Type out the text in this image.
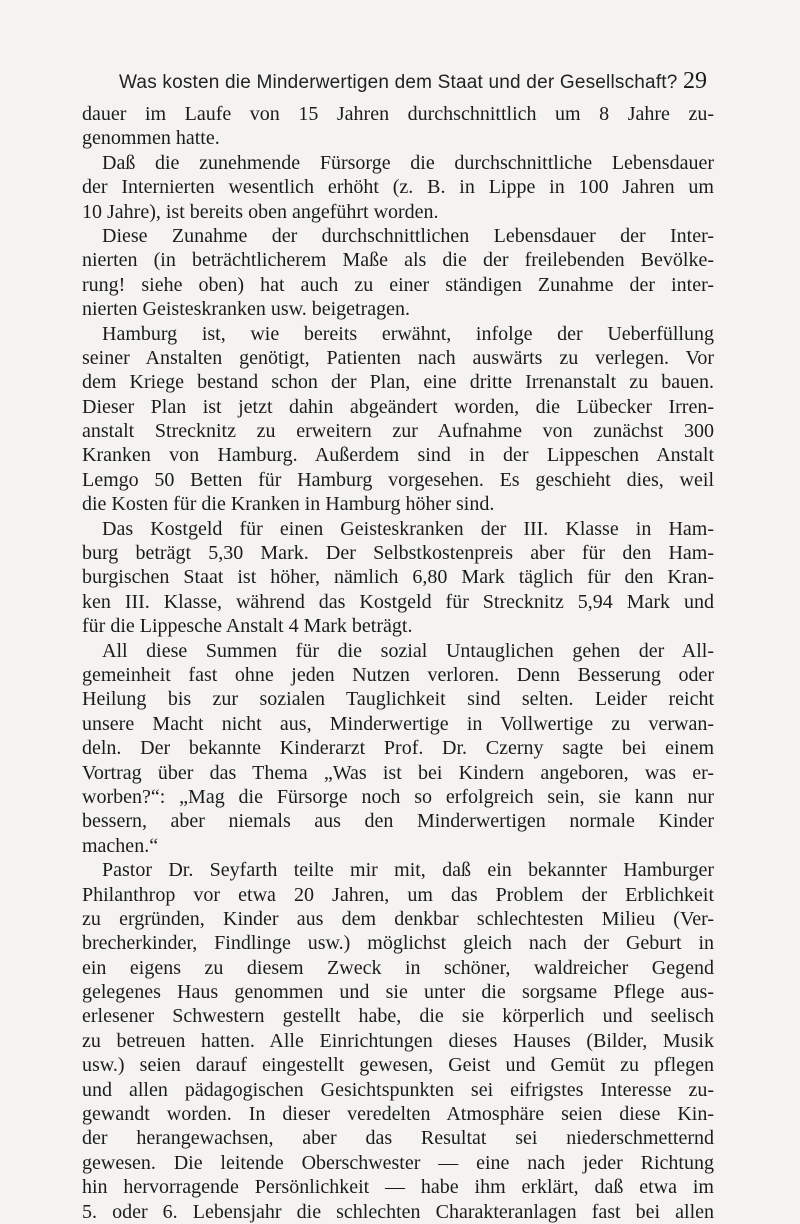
Was kosten die Minderwertigen dem Staat und der Gesellschaft? 29
dauer im Laufe von 15 Jahren durchschnittlich um 8 Jahre zu-
genommen hatte.
Daß die zunehmende Fürsorge die durchschnittliche Lebensdauer
der Internierten wesentlich erhöht (z. B. in Lippe in 100 Jahren um
10 Jahre), ist bereits oben angeführt worden.
Diese Zunahme der durchschnittlichen Lebensdauer der Inter-
nierten (in beträchtlicherem Maße als die der freilebenden Bevölke-
rung! siehe oben) hat auch zu einer ständigen Zunahme der inter-
nierten Geisteskranken usw. beigetragen.
Hamburg ist, wie bereits erwähnt, infolge der Ueberfüllung
seiner Anstalten genötigt, Patienten nach auswärts zu verlegen. Vor
dem Kriege bestand schon der Plan, eine dritte Irrenanstalt zu bauen.
Dieser Plan ist jetzt dahin abgeändert worden, die Lübecker Irren-
anstalt Strecknitz zu erweitern zur Aufnahme von zunächst 300
Kranken von Hamburg. Außerdem sind in der Lippeschen Anstalt
Lemgo 50 Betten für Hamburg vorgesehen. Es geschieht dies, weil
die Kosten für die Kranken in Hamburg höher sind.
Das Kostgeld für einen Geisteskranken der III. Klasse in Ham-
burg beträgt 5,30 Mark. Der Selbstkostenpreis aber für den Ham-
burgischen Staat ist höher, nämlich 6,80 Mark täglich für den Kran-
ken III. Klasse, während das Kostgeld für Strecknitz 5,94 Mark und
für die Lippesche Anstalt 4 Mark beträgt.
All diese Summen für die sozial Untauglichen gehen der All-
gemeinheit fast ohne jeden Nutzen verloren. Denn Besserung oder
Heilung bis zur sozialen Tauglichkeit sind selten. Leider reicht
unsere Macht nicht aus, Minderwertige in Vollwertige zu verwan-
deln. Der bekannte Kinderarzt Prof. Dr. Czerny sagte bei einem
Vortrag über das Thema „Was ist bei Kindern angeboren, was er-
worben?“: „Mag die Fürsorge noch so erfolgreich sein, sie kann nur
bessern, aber niemals aus den Minderwertigen normale Kinder
machen.“
Pastor Dr. Seyfarth teilte mir mit, daß ein bekannter Hamburger
Philanthrop vor etwa 20 Jahren, um das Problem der Erblichkeit
zu ergründen, Kinder aus dem denkbar schlechtesten Milieu (Ver-
brecherkinder, Findlinge usw.) möglichst gleich nach der Geburt in
ein eigens zu diesem Zweck in schöner, waldreicher Gegend
gelegenes Haus genommen und sie unter die sorgsame Pflege aus-
erlesener Schwestern gestellt habe, die sie körperlich und seelisch
zu betreuen hatten. Alle Einrichtungen dieses Hauses (Bilder, Musik
usw.) seien darauf eingestellt gewesen, Geist und Gemüt zu pflegen
und allen pädagogischen Gesichtspunkten sei eifrigstes Interesse zu-
gewandt worden. In dieser veredelten Atmosphäre seien diese Kin-
der herangewachsen, aber das Resultat sei niederschmetternd
gewesen. Die leitende Oberschwester — eine nach jeder Richtung
hin hervorragende Persönlichkeit — habe ihm erklärt, daß etwa im
5. oder 6. Lebensjahr die schlechten Charakteranlagen fast bei allen
